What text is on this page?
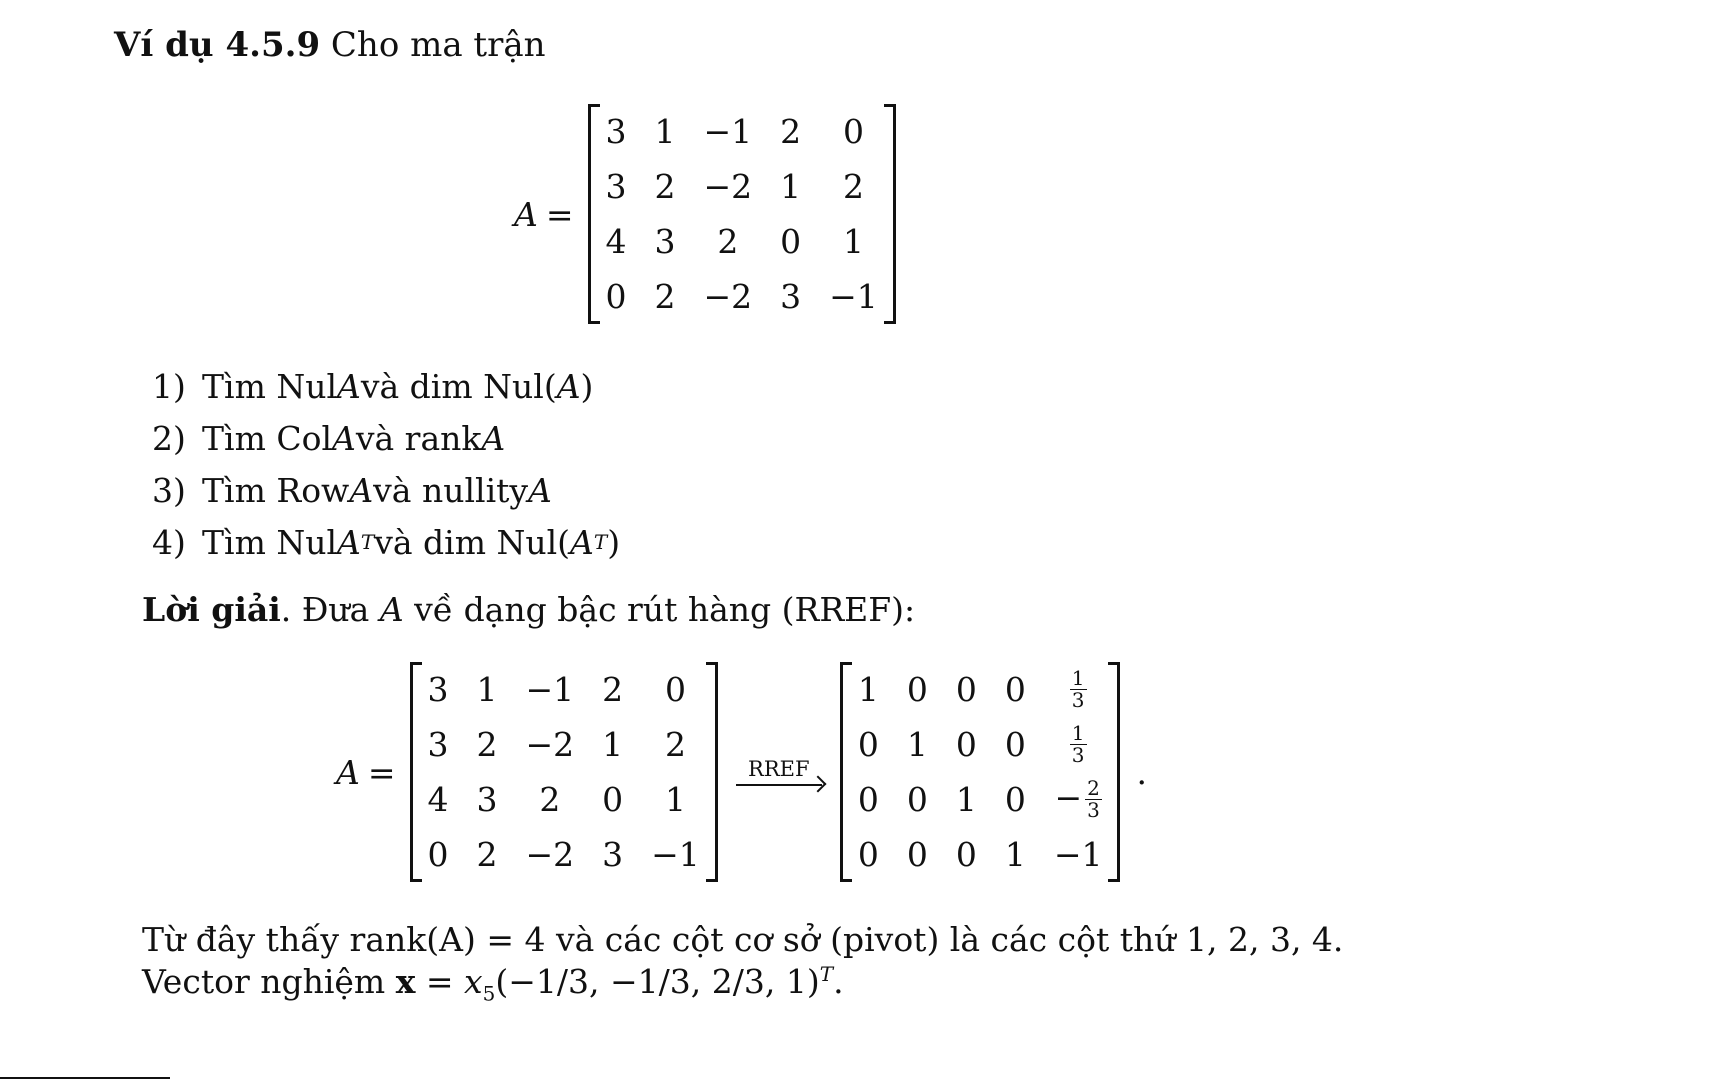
Ví dụ 4.5.9 Cho ma trận
A =
3	1	−1	2	0
3	2	−2	1	2
4	3	2	0	1
0	2	−2	3	−1
1) Tìm Nul A và dim Nul( A )
2) Tìm Col A và rank A
3) Tìm Row A và nullity A
4) Tìm Nul A T và dim Nul( A T )
Lời giải. Đưa A về dạng bậc rút hàng (RREF):
A =
3	1	−1	2	0
3	2	−2	1	2
4	3	2	0	1
0	2	−2	3	−1
RREF
1	0	0	0	$\frac{1}{3}$

0	1	0	0	$\frac{1}{3}$

0	0	1	0	− $\frac{2}{3}$

0	0	0	1	−1
.
Từ đây thấy rank(A) = 4 và các cột cơ sở (pivot) là các cột thứ 1, 2, 3, 4.
Vector nghiệm $x = x_5(-1/3$, −1/3, 2/3, 1)$^T$.
